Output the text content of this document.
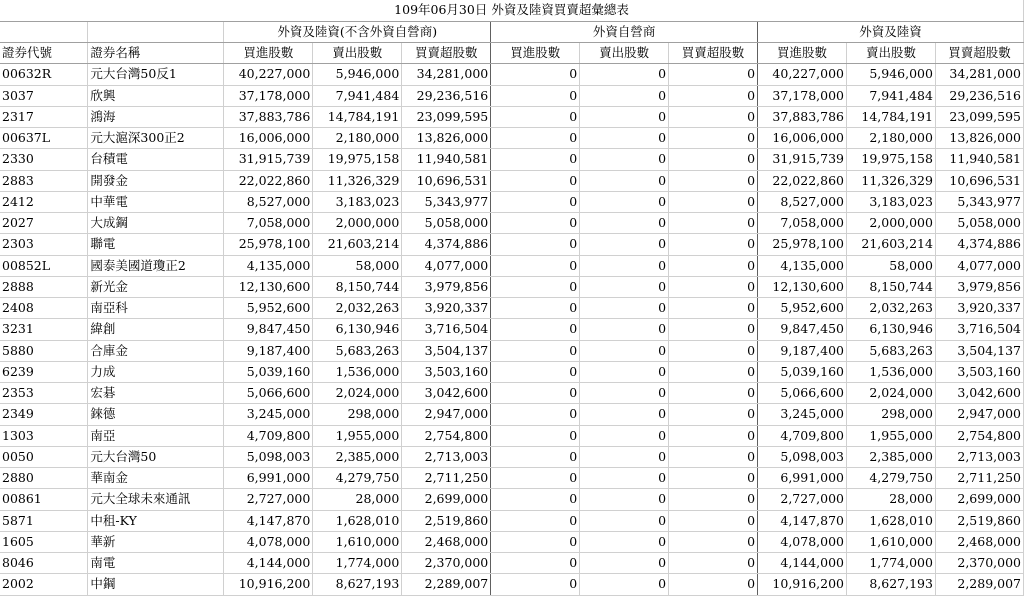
109年06月30日 外資及陸資買賣超彙總表										
		外資及陸資(不含外資自營商)			外資自營商			外資及陸資		
證券代號	證券名稱	買進股數	賣出股數	買賣超股數	買進股數	賣出股數	買賣超股數	買進股數	賣出股數	買賣超股數
00632R	元大台灣50反1	40,227,000	5,946,000	34,281,000	0	0	0	40,227,000	5,946,000	34,281,000
3037	欣興	37,178,000	7,941,484	29,236,516	0	0	0	37,178,000	7,941,484	29,236,516
2317	鴻海	37,883,786	14,784,191	23,099,595	0	0	0	37,883,786	14,784,191	23,099,595
00637L	元大滬深300正2	16,006,000	2,180,000	13,826,000	0	0	0	16,006,000	2,180,000	13,826,000
2330	台積電	31,915,739	19,975,158	11,940,581	0	0	0	31,915,739	19,975,158	11,940,581
2883	開發金	22,022,860	11,326,329	10,696,531	0	0	0	22,022,860	11,326,329	10,696,531
2412	中華電	8,527,000	3,183,023	5,343,977	0	0	0	8,527,000	3,183,023	5,343,977
2027	大成鋼	7,058,000	2,000,000	5,058,000	0	0	0	7,058,000	2,000,000	5,058,000
2303	聯電	25,978,100	21,603,214	4,374,886	0	0	0	25,978,100	21,603,214	4,374,886
00852L	國泰美國道瓊正2	4,135,000	58,000	4,077,000	0	0	0	4,135,000	58,000	4,077,000
2888	新光金	12,130,600	8,150,744	3,979,856	0	0	0	12,130,600	8,150,744	3,979,856
2408	南亞科	5,952,600	2,032,263	3,920,337	0	0	0	5,952,600	2,032,263	3,920,337
3231	緯創	9,847,450	6,130,946	3,716,504	0	0	0	9,847,450	6,130,946	3,716,504
5880	合庫金	9,187,400	5,683,263	3,504,137	0	0	0	9,187,400	5,683,263	3,504,137
6239	力成	5,039,160	1,536,000	3,503,160	0	0	0	5,039,160	1,536,000	3,503,160
2353	宏碁	5,066,600	2,024,000	3,042,600	0	0	0	5,066,600	2,024,000	3,042,600
2349	錸德	3,245,000	298,000	2,947,000	0	0	0	3,245,000	298,000	2,947,000
1303	南亞	4,709,800	1,955,000	2,754,800	0	0	0	4,709,800	1,955,000	2,754,800
0050	元大台灣50	5,098,003	2,385,000	2,713,003	0	0	0	5,098,003	2,385,000	2,713,003
2880	華南金	6,991,000	4,279,750	2,711,250	0	0	0	6,991,000	4,279,750	2,711,250
00861	元大全球未來通訊	2,727,000	28,000	2,699,000	0	0	0	2,727,000	28,000	2,699,000
5871	中租-KY	4,147,870	1,628,010	2,519,860	0	0	0	4,147,870	1,628,010	2,519,860
1605	華新	4,078,000	1,610,000	2,468,000	0	0	0	4,078,000	1,610,000	2,468,000
8046	南電	4,144,000	1,774,000	2,370,000	0	0	0	4,144,000	1,774,000	2,370,000
2002	中鋼	10,916,200	8,627,193	2,289,007	0	0	0	10,916,200	8,627,193	2,289,007
